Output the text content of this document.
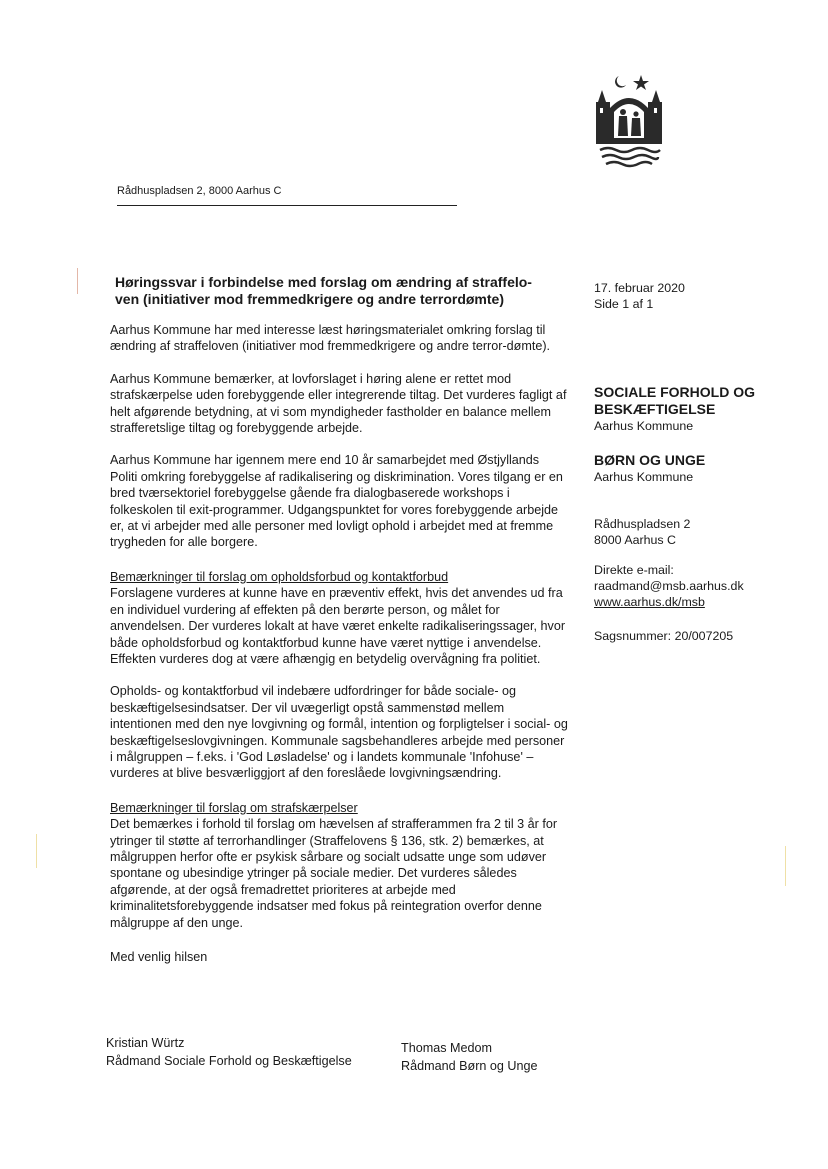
Rådhuspladsen 2, 8000 Aarhus C
Høringssvar i forbindelse med forslag om ændring af straffelo-
ven (initiativer mod fremmedkrigere og andre terrordømte)
17. februar 2020
Side 1 af 1
SOCIALE FORHOLD OG
BESKÆFTIGELSE
Aarhus Kommune
BØRN OG UNGE
Aarhus Kommune
Rådhuspladsen 2
8000 Aarhus C
Direkte e-mail:
raadmand@msb.aarhus.dk
www.aarhus.dk/msb
Sagsnummer: 20/007205

Aarhus Kommune har med interesse læst høringsmaterialet omkring forslag til ændring af straffeloven (initiativer mod fremmedkrigere og andre terror-dømte).

Aarhus Kommune bemærker, at lovforslaget i høring alene er rettet mod strafskærpelse uden forebyggende eller integrerende tiltag. Det vurderes fagligt af helt afgørende betydning, at vi som myndigheder fastholder en balance mellem strafferetslige tiltag og forebyggende arbejde.

Aarhus Kommune har igennem mere end 10 år samarbejdet med Østjyllands Politi omkring forebyggelse af radikalisering og diskrimination. Vores tilgang er en bred tværsektoriel forebyggelse gående fra dialogbaserede workshops i folkeskolen til exit-programmer. Udgangspunktet for vores forebyggende arbejde er, at vi arbejder med alle personer med lovligt ophold i arbejdet med at fremme trygheden for alle borgere.

Bemærkninger til forslag om opholdsforbud og kontaktforbud

Forslagene vurderes at kunne have en præventiv effekt, hvis det anvendes ud fra en individuel vurdering af effekten på den berørte person, og målet for anvendelsen. Der vurderes lokalt at have været enkelte radikaliseringssager, hvor både opholdsforbud og kontaktforbud kunne have været nyttige i anvendelse. Effekten vurderes dog at være afhængig en betydelig overvågning fra politiet.

Opholds- og kontaktforbud vil indebære udfordringer for både sociale- og beskæftigelsesindsatser. Der vil uvægerligt opstå sammenstød mellem intentionen med den nye lovgivning og formål, intention og forpligtelser i social- og beskæftigelseslovgivningen. Kommunale sagsbehandleres arbejde med personer i målgruppen – f.eks. i 'God Løsladelse' og i landets kommunale 'Infohuse' – vurderes at blive besværliggjort af den foreslåede lovgivningsændring.

Bemærkninger til forslag om strafskærpelser

Det bemærkes i forhold til forslag om hævelsen af strafferammen fra 2 til 3 år for ytringer til støtte af terrorhandlinger (Straffelovens § 136, stk. 2) bemærkes, at målgruppen herfor ofte er psykisk sårbare og socialt udsatte unge som udøver spontane og ubesindige ytringer på sociale medier. Det vurderes således afgørende, at der også fremadrettet prioriteres at arbejde med kriminalitetsforebyggende indsatser med fokus på reintegration overfor denne målgruppe af den unge.

Med venlig hilsen

Kristian Würtz
Rådmand Sociale Forhold og Beskæftigelse
Thomas Medom
Rådmand Børn og Unge
